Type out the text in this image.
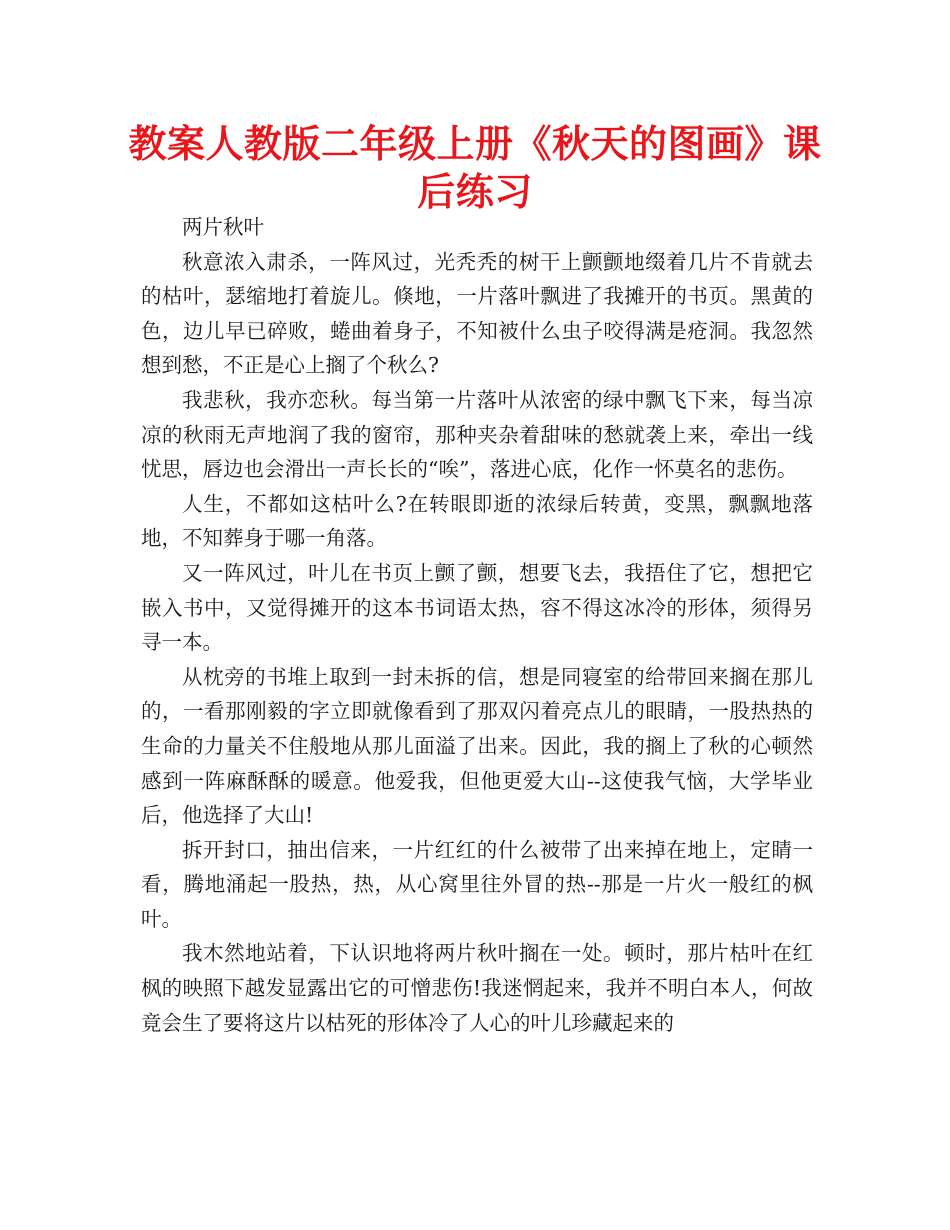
教案人教版二年级上册《秋天的图画》课后练习

两片秋叶

秋意浓入肃杀，一阵风过，光秃秃的树干上颤颤地缀着几片不肯就去的枯叶，瑟缩地打着旋儿。倏地，一片落叶飘进了我摊开的书页。黑黄的色，边儿早已碎败，蜷曲着身子，不知被什么虫子咬得满是疮洞。我忽然想到愁，不正是心上搁了个秋么?

我悲秋，我亦恋秋。每当第一片落叶从浓密的绿中飘飞下来，每当凉凉的秋雨无声地润了我的窗帘，那种夹杂着甜味的愁就袭上来，牵出一线忧思，唇边也会滑出一声长长的“唉”，落进心底，化作一怀莫名的悲伤。

人生，不都如这枯叶么?在转眼即逝的浓绿后转黄，变黑，飘飘地落地，不知葬身于哪一角落。

又一阵风过，叶儿在书页上颤了颤，想要飞去，我捂住了它，想把它嵌入书中，又觉得摊开的这本书词语太热，容不得这冰冷的形体，须得另寻一本。

从枕旁的书堆上取到一封未拆的信，想是同寝室的给带回来搁在那儿的，一看那刚毅的字立即就像看到了那双闪着亮点儿的眼睛，一股热热的生命的力量关不住般地从那儿面溢了出来。因此，我的搁上了秋的心顿然感到一阵麻酥酥的暖意。他爱我，但他更爱大山--这使我气恼，大学毕业后，他选择了大山!

拆开封口，抽出信来，一片红红的什么被带了出来掉在地上，定睛一看，腾地涌起一股热，热，从心窝里往外冒的热--那是一片火一般红的枫叶。

我木然地站着，下认识地将两片秋叶搁在一处。顿时，那片枯叶在红枫的映照下越发显露出它的可憎悲伤!我迷惘起来，我并不明白本人，何故竟会生了要将这片以枯死的形体冷了人心的叶儿珍藏起来的
